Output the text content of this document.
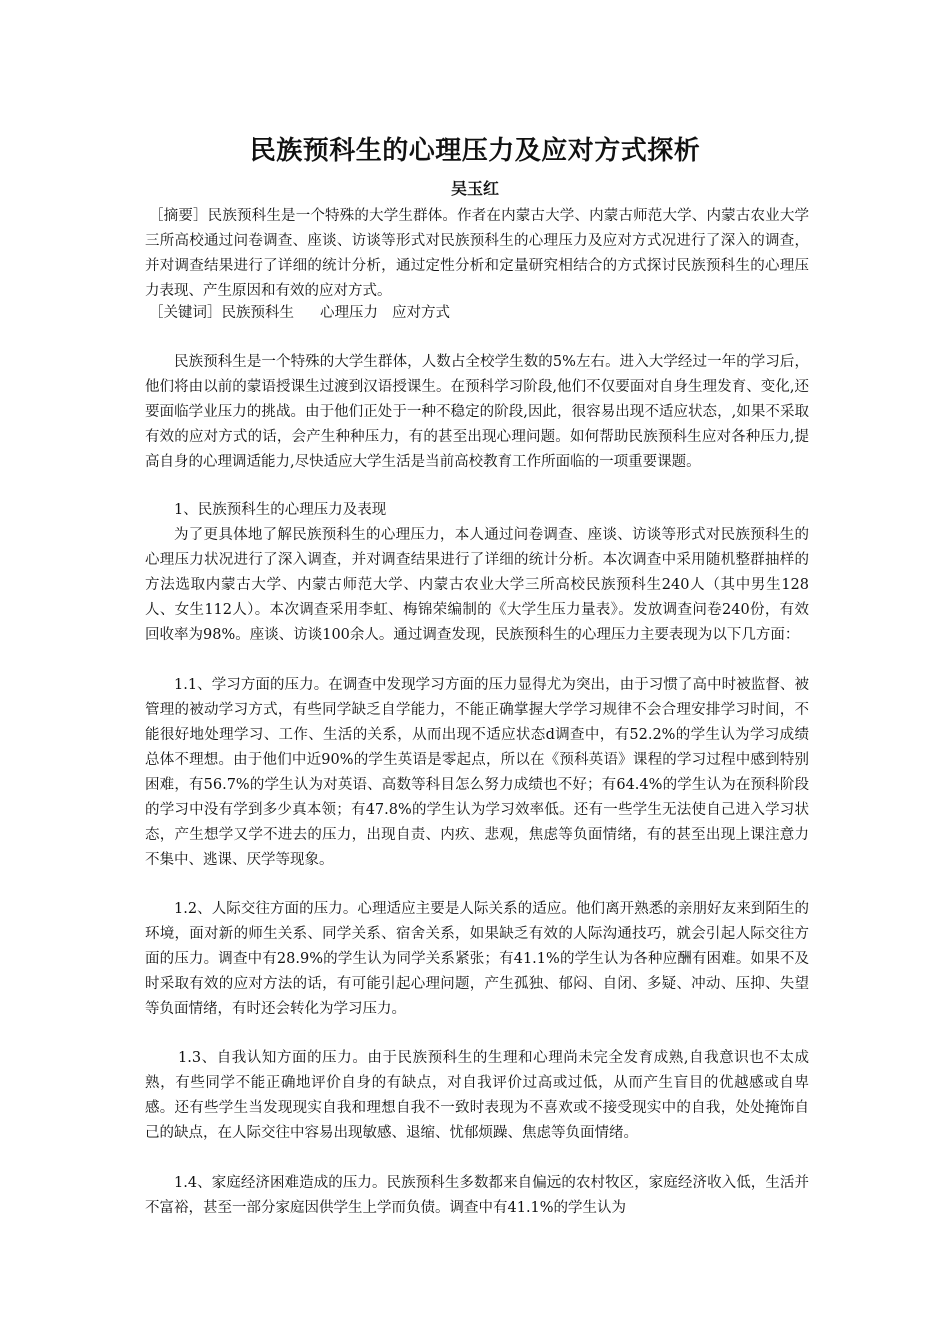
民族预科生的心理压力及应对方式探析
吴玉红

［摘要］民族预科生是一个特殊的大学生群体。作者在内蒙古大学、内蒙古师范大学、内蒙古农业大学三所高校通过问卷调查、座谈、访谈等形式对民族预科生的心理压力及应对方式况进行了深入的调查，并对调查结果进行了详细的统计分析，通过定性分析和定量研究相结合的方式探讨民族预科生的心理压力表现、产生原因和有效的应对方式。

［关键词］民族预科生 心理压力 应对方式

民族预科生是一个特殊的大学生群体，人数占全校学生数的5%左右。进入大学经过一年的学习后，他们将由以前的蒙语授课生过渡到汉语授课生。在预科学习阶段,他们不仅要面对自身生理发育、变化,还要面临学业压力的挑战。由于他们正处于一种不稳定的阶段,因此，很容易出现不适应状态，,如果不采取有效的应对方式的话，会产生种种压力，有的甚至出现心理问题。如何帮助民族预科生应对各种压力,提高自身的心理调适能力,尽快适应大学生活是当前高校教育工作所面临的一项重要课题。

1、民族预科生的心理压力及表现

为了更具体地了解民族预科生的心理压力，本人通过问卷调查、座谈、访谈等形式对民族预科生的心理压力状况进行了深入调查，并对调查结果进行了详细的统计分析。本次调查中采用随机整群抽样的方法选取内蒙古大学、内蒙古师范大学、内蒙古农业大学三所高校民族预科生240人（其中男生128人、女生112人）。本次调查采用李虹、梅锦荣编制的《大学生压力量表》。发放调查问卷240份，有效回收率为98%。座谈、访谈100余人。通过调查发现，民族预科生的心理压力主要表现为以下几方面：

1.1、学习方面的压力。在调查中发现学习方面的压力显得尤为突出，由于习惯了高中时被监督、被管理的被动学习方式，有些同学缺乏自学能力，不能正确掌握大学学习规律不会合理安排学习时间，不能很好地处理学习、工作、生活的关系，从而出现不适应状态d调查中，有52.2%的学生认为学习成绩总体不理想。由于他们中近90%的学生英语是零起点，所以在《预科英语》课程的学习过程中感到特别困难，有56.7%的学生认为对英语、高数等科目怎么努力成绩也不好；有64.4%的学生认为在预科阶段的学习中没有学到多少真本领；有47.8%的学生认为学习效率低。还有一些学生无法使自己进入学习状态，产生想学又学不进去的压力，出现自责、内疚、悲观，焦虑等负面情绪，有的甚至出现上课注意力不集中、逃课、厌学等现象。

1.2、人际交往方面的压力。心理适应主要是人际关系的适应。他们离开熟悉的亲朋好友来到陌生的环境，面对新的师生关系、同学关系、宿舍关系，如果缺乏有效的人际沟通技巧，就会引起人际交往方面的压力。调查中有28.9%的学生认为同学关系紧张；有41.1%的学生认为各种应酬有困难。如果不及时采取有效的应对方法的话，有可能引起心理问题，产生孤独、郁闷、自闭、多疑、冲动、压抑、失望等负面情绪，有时还会转化为学习压力。

1.3、自我认知方面的压力。由于民族预科生的生理和心理尚未完全发育成熟,自我意识也不太成熟，有些同学不能正确地评价自身的有缺点，对自我评价过高或过低，从而产生盲目的优越感或自卑感。还有些学生当发现现实自我和理想自我不一致时表现为不喜欢或不接受现实中的自我，处处掩饰自己的缺点，在人际交往中容易出现敏感、退缩、忧郁烦躁、焦虑等负面情绪。

1.4、家庭经济困难造成的压力。民族预科生多数都来自偏远的农村牧区，家庭经济收入低，生活并不富裕，甚至一部分家庭因供学生上学而负债。调查中有41.1%的学生认为
